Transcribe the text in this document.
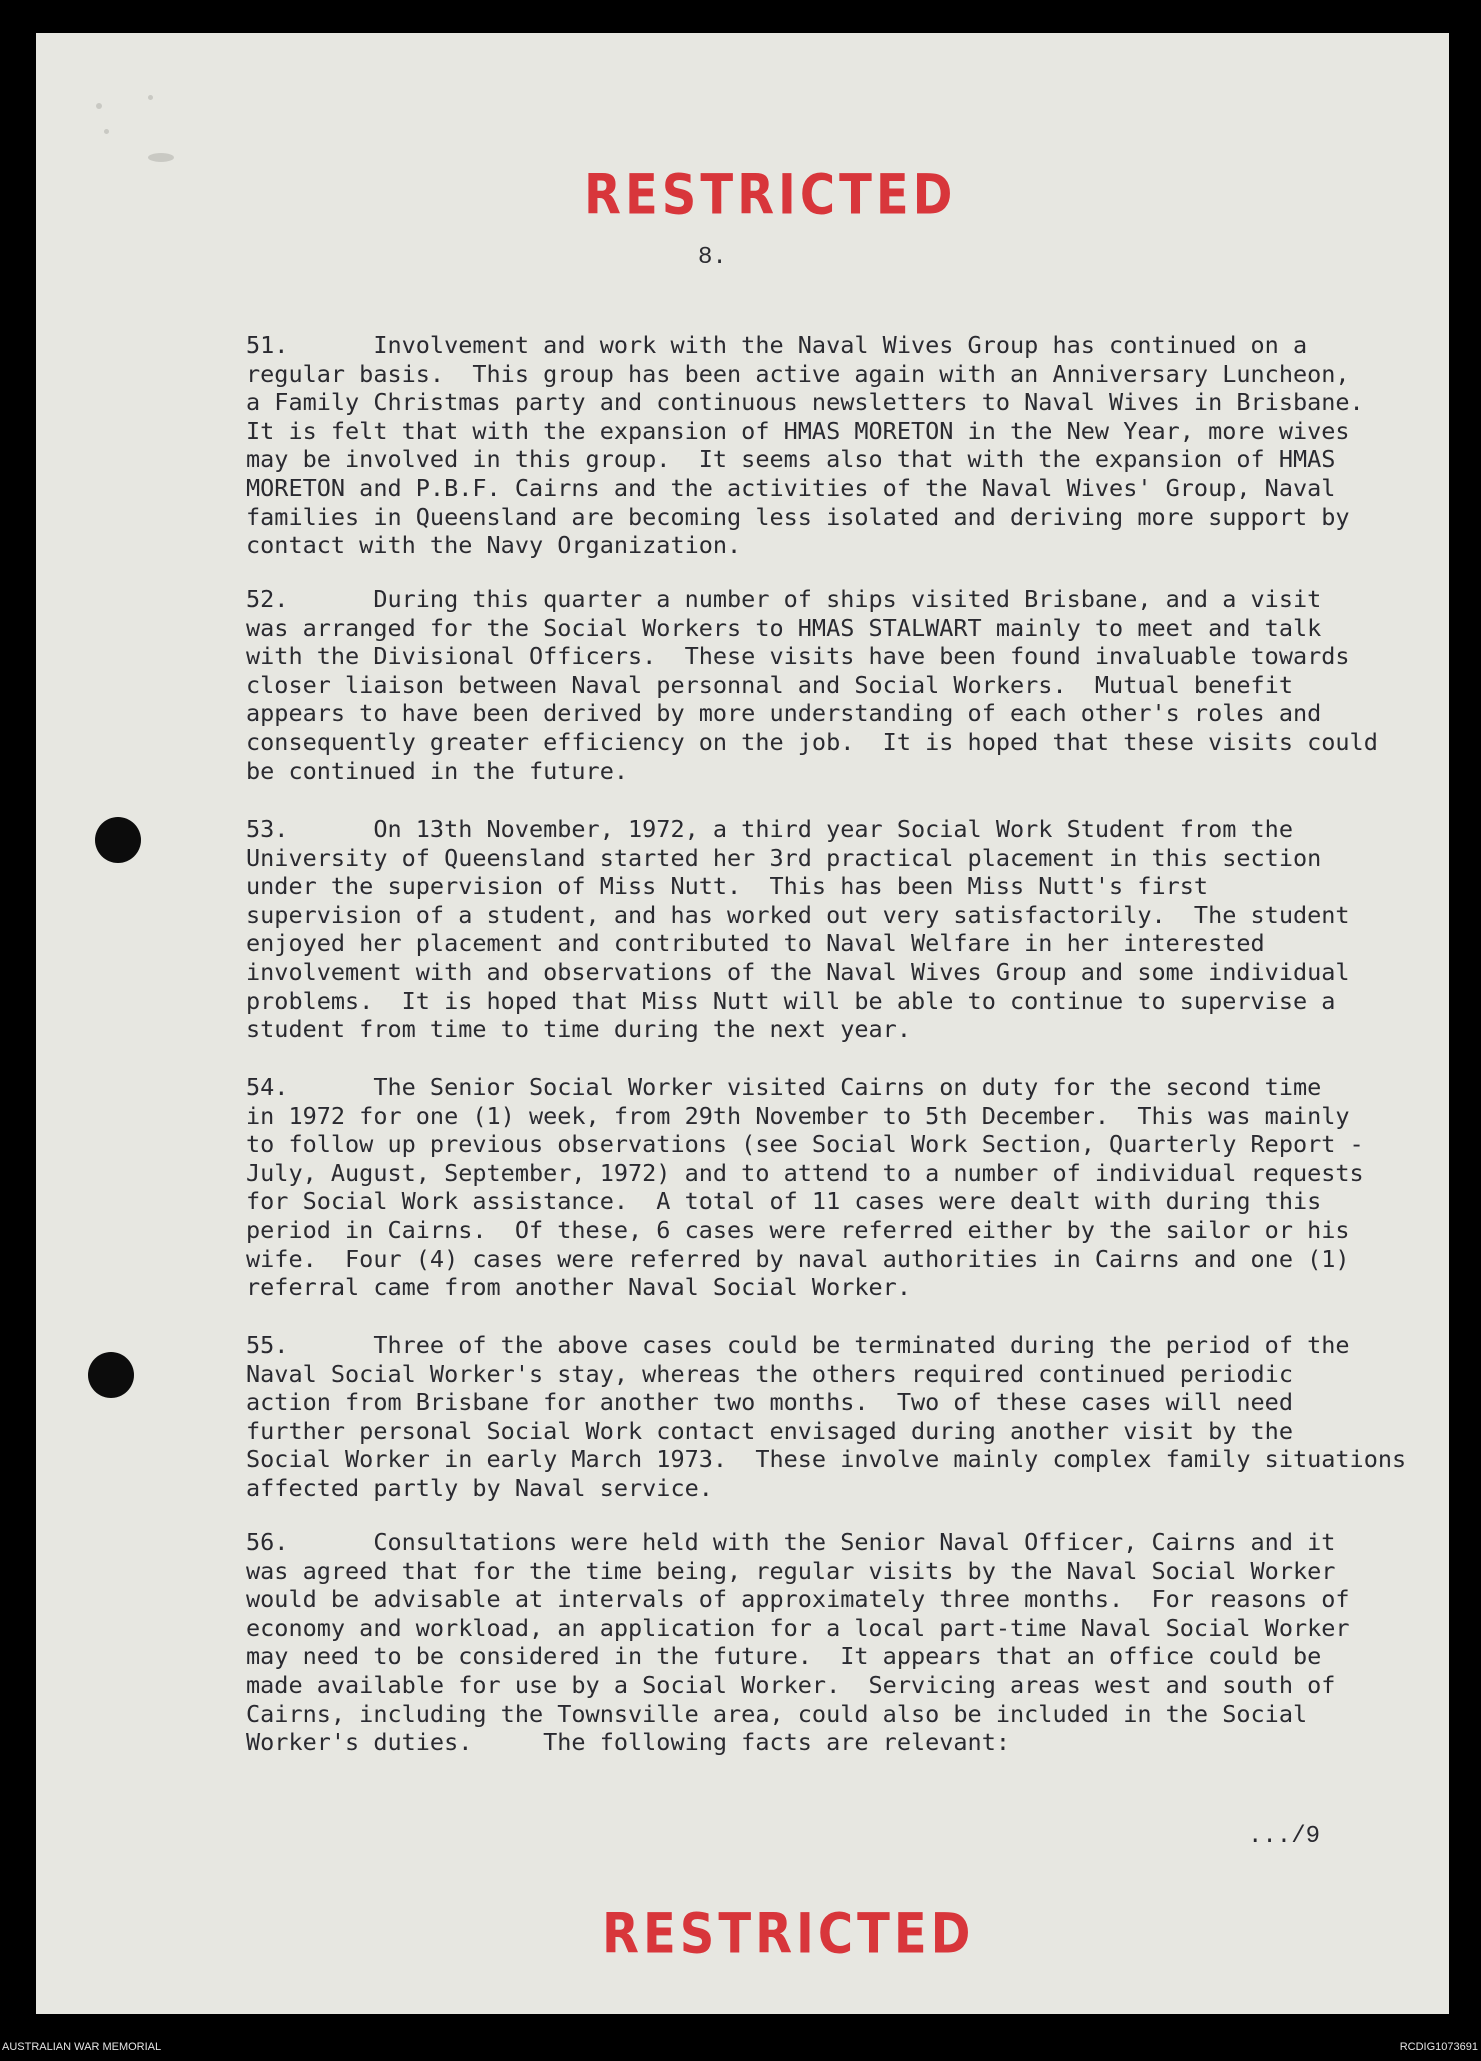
RESTRICTED
8.
51.      Involvement and work with the Naval Wives Group has continued on a
regular basis.  This group has been active again with an Anniversary Luncheon,
a Family Christmas party and continuous newsletters to Naval Wives in Brisbane.
It is felt that with the expansion of HMAS MORETON in the New Year, more wives
may be involved in this group.  It seems also that with the expansion of HMAS
MORETON and P.B.F. Cairns and the activities of the Naval Wives' Group, Naval
families in Queensland are becoming less isolated and deriving more support by
contact with the Navy Organization.
52.      During this quarter a number of ships visited Brisbane, and a visit
was arranged for the Social Workers to HMAS STALWART mainly to meet and talk
with the Divisional Officers.  These visits have been found invaluable towards
closer liaison between Naval personnal and Social Workers.  Mutual benefit
appears to have been derived by more understanding of each other's roles and
consequently greater efficiency on the job.  It is hoped that these visits could
be continued in the future.
53.      On 13th November, 1972, a third year Social Work Student from the
University of Queensland started her 3rd practical placement in this section
under the supervision of Miss Nutt.  This has been Miss Nutt's first
supervision of a student, and has worked out very satisfactorily.  The student
enjoyed her placement and contributed to Naval Welfare in her interested
involvement with and observations of the Naval Wives Group and some individual
problems.  It is hoped that Miss Nutt will be able to continue to supervise a
student from time to time during the next year.
54.      The Senior Social Worker visited Cairns on duty for the second time
in 1972 for one (1) week, from 29th November to 5th December.  This was mainly
to follow up previous observations (see Social Work Section, Quarterly Report -
July, August, September, 1972) and to attend to a number of individual requests
for Social Work assistance.  A total of 11 cases were dealt with during this
period in Cairns.  Of these, 6 cases were referred either by the sailor or his
wife.  Four (4) cases were referred by naval authorities in Cairns and one (1)
referral came from another Naval Social Worker.
55.      Three of the above cases could be terminated during the period of the
Naval Social Worker's stay, whereas the others required continued periodic
action from Brisbane for another two months.  Two of these cases will need
further personal Social Work contact envisaged during another visit by the
Social Worker in early March 1973.  These involve mainly complex family situations
affected partly by Naval service.
56.      Consultations were held with the Senior Naval Officer, Cairns and it
was agreed that for the time being, regular visits by the Naval Social Worker
would be advisable at intervals of approximately three months.  For reasons of
economy and workload, an application for a local part-time Naval Social Worker
may need to be considered in the future.  It appears that an office could be
made available for use by a Social Worker.  Servicing areas west and south of
Cairns, including the Townsville area, could also be included in the Social
Worker's duties.     The following facts are relevant:
.../9
RESTRICTED
AUSTRALIAN WAR MEMORIAL	RCDIG1073691
